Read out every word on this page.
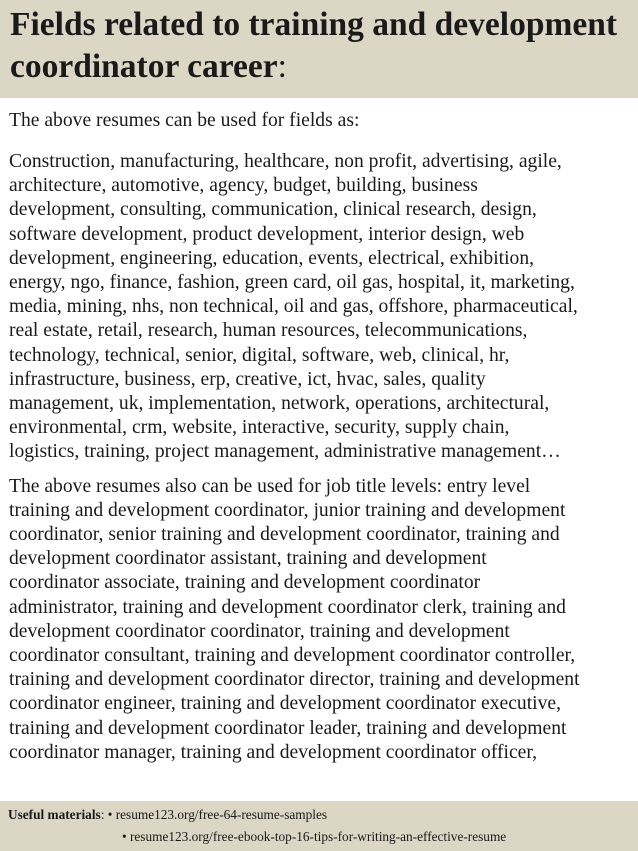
Fields related to training and development coordinator career:

The above resumes can be used for fields as:

Construction, manufacturing, healthcare, non profit, advertising, agile,
architecture, automotive, agency, budget, building, business
development, consulting, communication, clinical research, design,
software development, product development, interior design, web
development, engineering, education, events, electrical, exhibition,
energy, ngo, finance, fashion, green card, oil gas, hospital, it, marketing,
media, mining, nhs, non technical, oil and gas, offshore, pharmaceutical,
real estate, retail, research, human resources, telecommunications,
technology, technical, senior, digital, software, web, clinical, hr,
infrastructure, business, erp, creative, ict, hvac, sales, quality
management, uk, implementation, network, operations, architectural,
environmental, crm, website, interactive, security, supply chain,
logistics, training, project management, administrative management…

The above resumes also can be used for job title levels: entry level
training and development coordinator, junior training and development
coordinator, senior training and development coordinator, training and
development coordinator assistant, training and development
coordinator associate, training and development coordinator
administrator, training and development coordinator clerk, training and
development coordinator coordinator, training and development
coordinator consultant, training and development coordinator controller,
training and development coordinator director, training and development
coordinator engineer, training and development coordinator executive,
training and development coordinator leader, training and development
coordinator manager, training and development coordinator officer,

Useful materials: • resume123.org/free-64-resume-samples
• resume123.org/free-ebook-top-16-tips-for-writing-an-effective-resume
